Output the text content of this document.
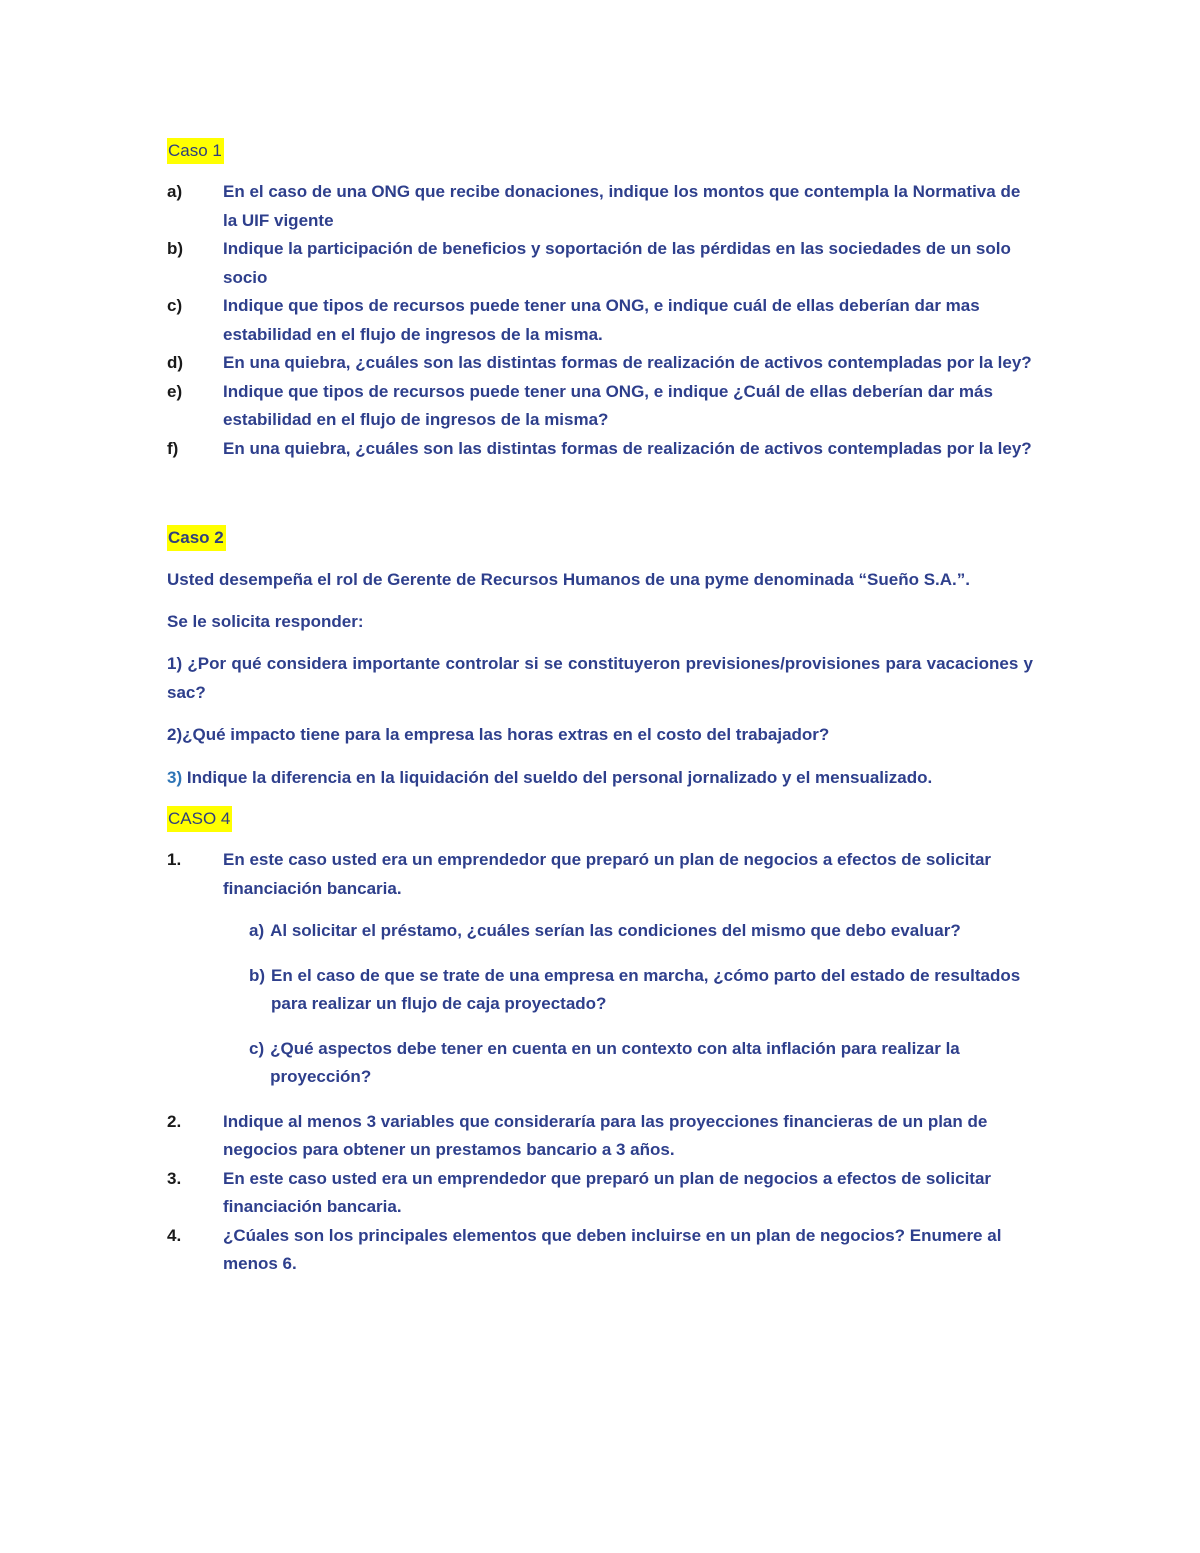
Caso 1
a)	En el caso de una ONG que recibe donaciones, indique los montos que contempla la Normativa de la UIF vigente
b)	Indique la participación de beneficios y soportación de las pérdidas en las sociedades de un solo socio
c)	Indique que tipos de recursos puede tener una ONG, e indique cuál de ellas deberían dar mas estabilidad en el flujo de ingresos de la misma.
d)	En una quiebra, ¿cuáles son las distintas formas de realización de activos contempladas por la ley?
e)	Indique que tipos de recursos puede tener una ONG, e indique ¿Cuál de ellas deberían dar más estabilidad en el flujo de ingresos de la misma?
f)	En una quiebra, ¿cuáles son las distintas formas de realización de activos contempladas por la ley?
Caso 2
Usted desempeña el rol de Gerente de Recursos Humanos de una pyme denominada “Sueño S.A.”.
Se le solicita responder:
1) ¿Por qué considera importante controlar si se constituyeron previsiones/provisiones para vacaciones y sac?
2)¿Qué impacto tiene para la empresa las horas extras en el costo del trabajador?
3) Indique la diferencia en la liquidación del sueldo del personal jornalizado y el mensualizado.
CASO 4
1.	En este caso usted era un emprendedor que preparó un plan de negocios a efectos de solicitar financiación bancaria.
a) Al solicitar el préstamo, ¿cuáles serían las condiciones del mismo que debo evaluar?
b) En el caso de que se trate de una empresa en marcha, ¿cómo parto del estado de resultados para realizar un flujo de caja proyectado?
c) ¿Qué aspectos debe tener en cuenta en un contexto con alta inflación para realizar la proyección?
2.	Indique al menos 3 variables que consideraría para las proyecciones financieras de un plan de negocios para obtener un prestamos bancario a 3 años.
3.	En este caso usted era un emprendedor que preparó un plan de negocios a efectos de solicitar financiación bancaria.
4.	¿Cúales son los principales elementos que deben incluirse en un plan de negocios? Enumere al menos 6.
